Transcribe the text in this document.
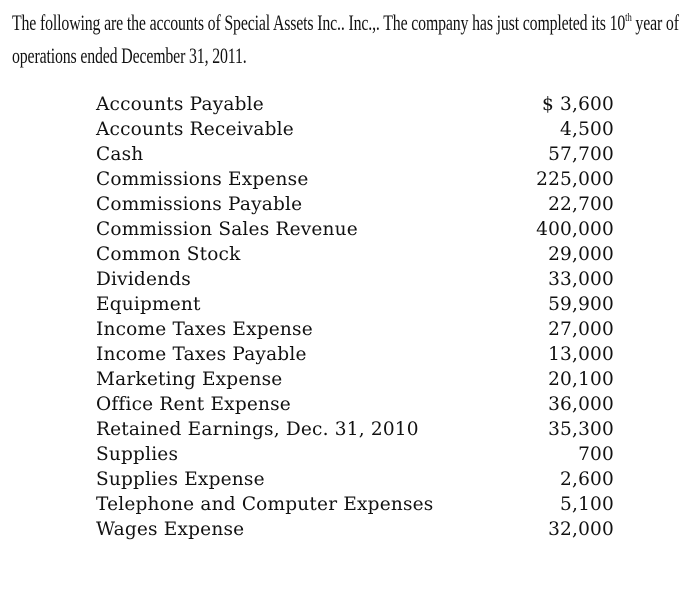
The following are the accounts of Special Assets Inc.. Inc.,. The company has just completed its 10th year of
operations ended December 31, 2011.
Accounts Payable	$ 3,600
Accounts Receivable	4,500
Cash	57,700
Commissions Expense	225,000
Commissions Payable	22,700
Commission Sales Revenue	400,000
Common Stock	29,000
Dividends	33,000
Equipment	59,900
Income Taxes Expense	27,000
Income Taxes Payable	13,000
Marketing Expense	20,100
Office Rent Expense	36,000
Retained Earnings, Dec. 31, 2010	35,300
Supplies	700
Supplies Expense	2,600
Telephone and Computer Expenses	5,100
Wages Expense	32,000
